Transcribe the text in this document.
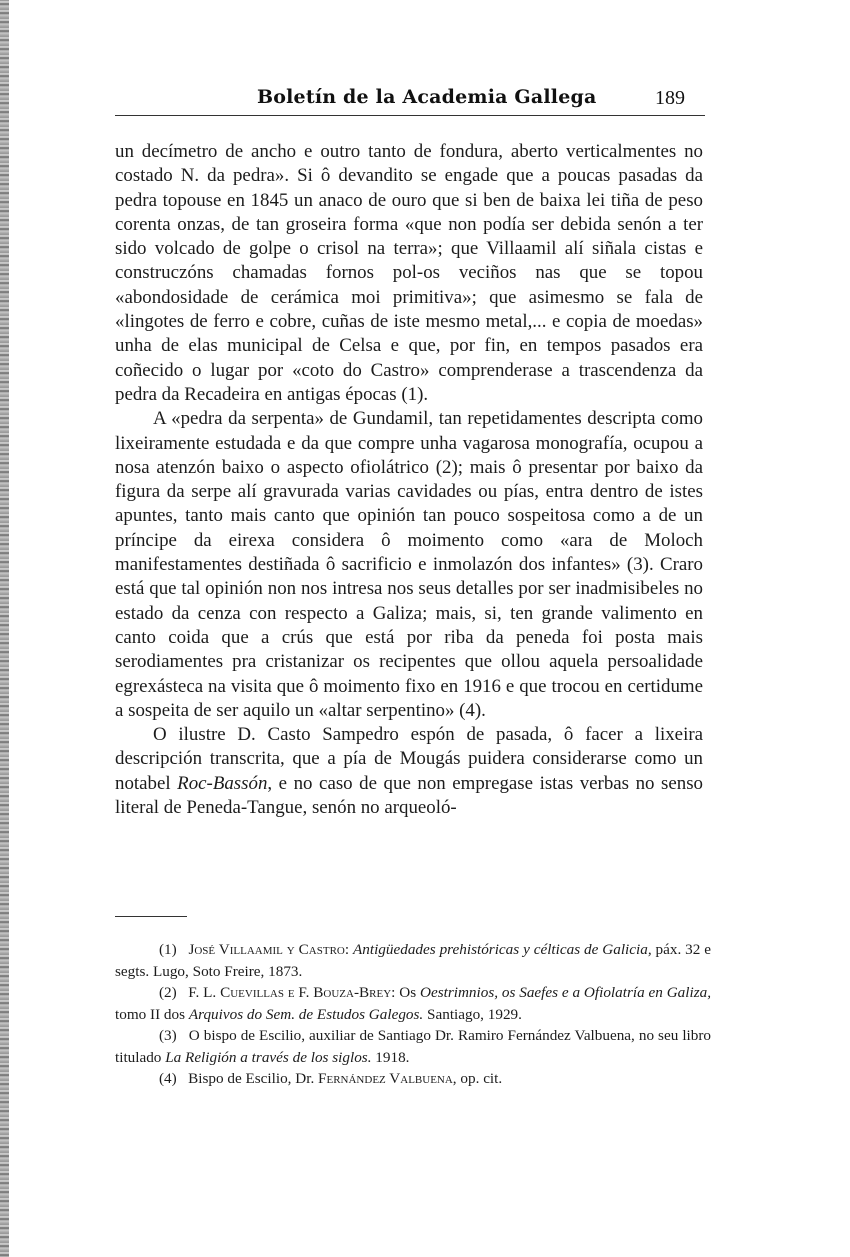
Boletín de la Academia Gallega	189

un decímetro de ancho e outro tanto de fondura, aberto verticalmentes no costado N. da pedra». Si ô devandito se engade que a poucas pasadas da pedra topouse en 1845 un anaco de ouro que si ben de baixa lei tiña de peso corenta onzas, de tan groseira forma «que non podía ser debida senón a ter sido volcado de golpe o crisol na terra»; que Villaamil alí siñala cistas e construczóns chamadas fornos pol-os veciños nas que se topou «abondosidade de cerámica moi primitiva»; que asimesmo se fala de «lingotes de ferro e cobre, cuñas de iste mesmo metal,... e copia de moedas» unha de elas municipal de Celsa e que, por fin, en tempos pasados era coñecido o lugar por «coto do Castro» comprenderase a trascendenza da pedra da Recadeira en antigas épocas (1).

A «pedra da serpenta» de Gundamil, tan repetidamentes descripta como lixeiramente estudada e da que compre unha vagarosa monografía, ocupou a nosa atenzón baixo o aspecto ofiolátrico (2); mais ô presentar por baixo da figura da serpe alí gravurada varias cavidades ou pías, entra dentro de istes apuntes, tanto mais canto que opinión tan pouco sospeitosa como a de un príncipe da eirexa considera ô moimento como «ara de Moloch manifestamentes destiñada ô sacrificio e inmolazón dos infantes» (3). Craro está que tal opinión non nos intresa nos seus detalles por ser inadmisibeles no estado da cenza con respecto a Galiza; mais, si, ten grande valimento en canto coida que a crús que está por riba da peneda foi posta mais serodiamentes pra cristanizar os recipentes que ollou aquela persoalidade egrexásteca na visita que ô moimento fixo en 1916 e que trocou en certidume a sospeita de ser aquilo un «altar serpentino» (4).

O ilustre D. Casto Sampedro espón de pasada, ô facer a lixeira descripción transcrita, que a pía de Mougás puidera considerarse como un notabel Roc-Bassón, e no caso de que non empregase istas verbas no senso literal de Peneda-Tangue, senón no arqueoló-

(1) José Villaamil y Castro: Antigüedades prehistóricas y célticas de Galicia, páx. 32 e segts. Lugo, Soto Freire, 1873.

(2) F. L. Cuevillas e F. Bouza-Brey: Os Oestrimnios, os Saefes e a Ofiolatría en Galiza, tomo II dos Arquivos do Sem. de Estudos Galegos. Santiago, 1929.

(3) O bispo de Escilio, auxiliar de Santiago Dr. Ramiro Fernández Valbuena, no seu libro titulado La Religión a través de los siglos. 1918.

(4) Bispo de Escilio, Dr. Fernández Valbuena, op. cit.
